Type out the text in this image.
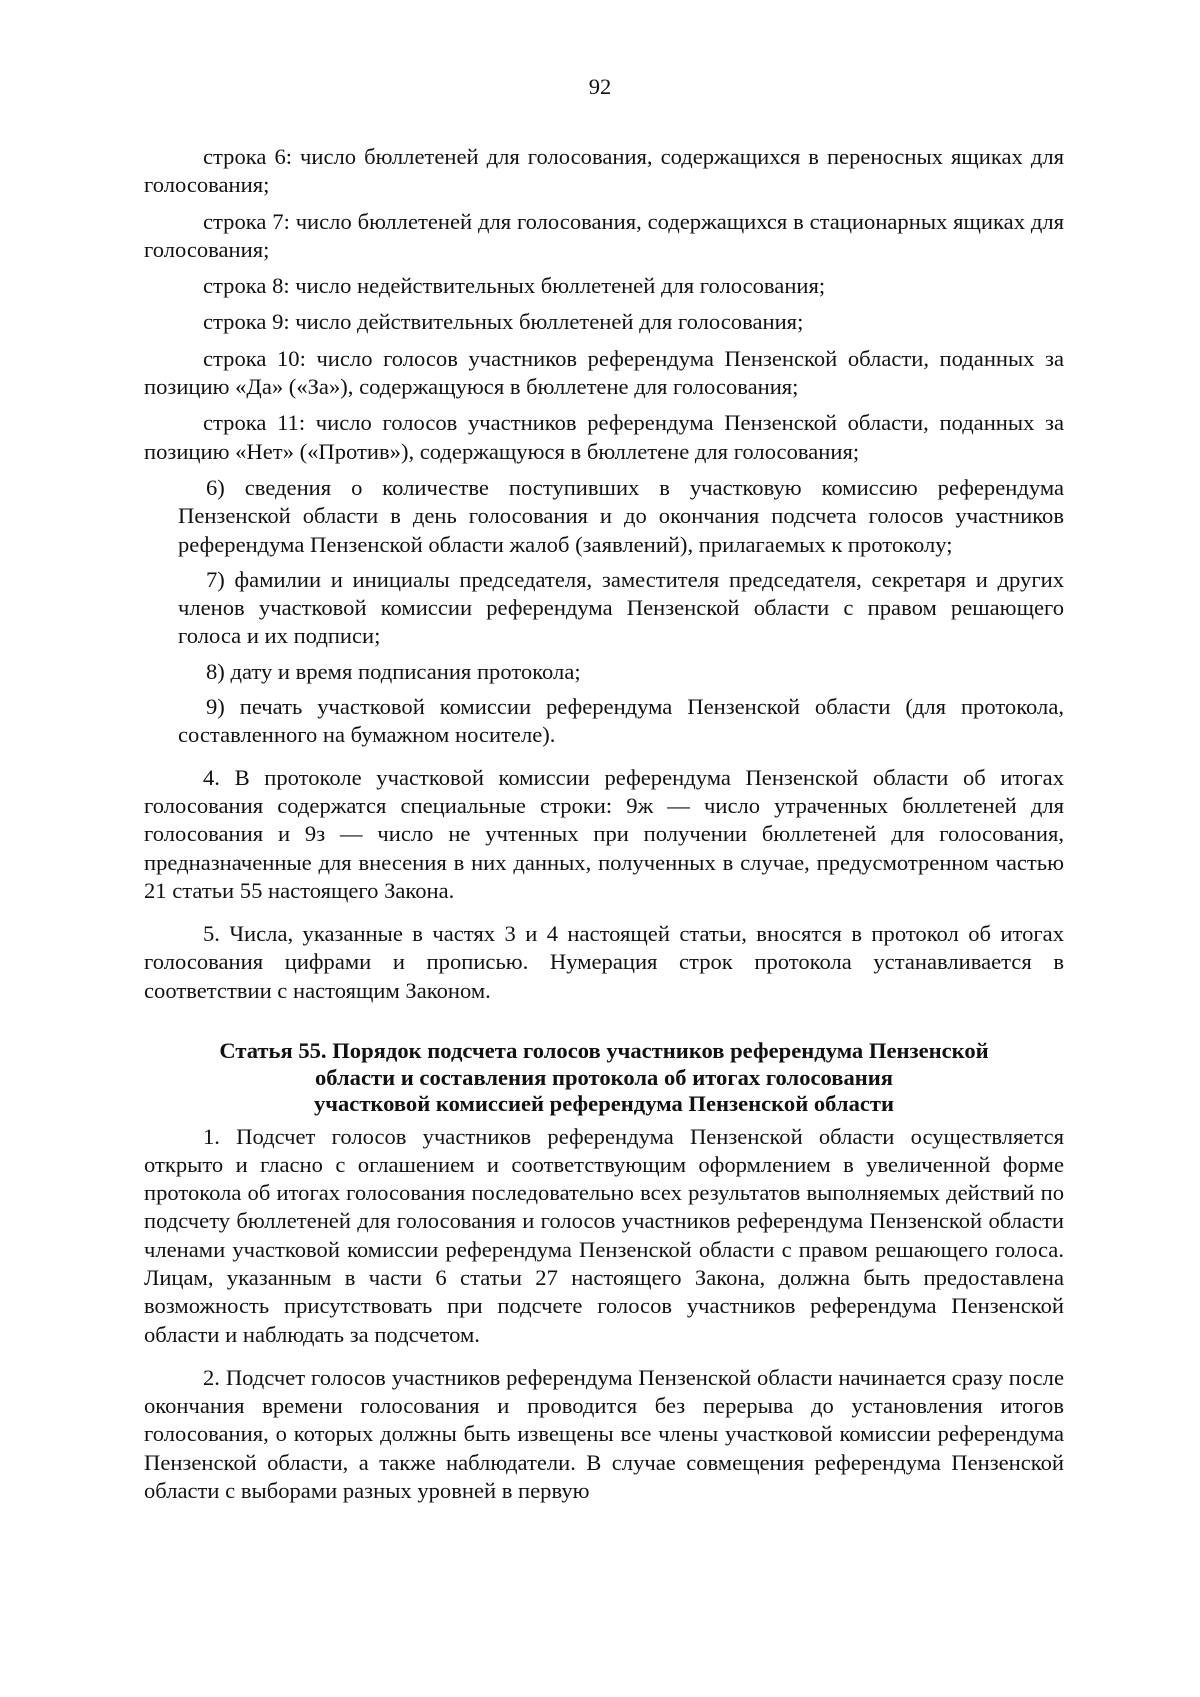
92

строка 6: число бюллетеней для голосования, содержащихся в переносных ящиках для голосования;

строка 7: число бюллетеней для голосования, содержащихся в стационарных ящиках для голосования;

строка 8: число недействительных бюллетеней для голосования;

строка 9: число действительных бюллетеней для голосования;

строка 10: число голосов участников референдума Пензенской области, поданных за позицию «Да» («За»), содержащуюся в бюллетене для голосования;

строка 11: число голосов участников референдума Пензенской области, поданных за позицию «Нет» («Против»), содержащуюся в бюллетене для голосования;

6) сведения о количестве поступивших в участковую комиссию референдума Пензенской области в день голосования и до окончания подсчета голосов участников референдума Пензенской области жалоб (заявлений), прилагаемых к протоколу;

7) фамилии и инициалы председателя, заместителя председателя, секретаря и других членов участковой комиссии референдума Пензенской области с правом решающего голоса и их подписи;

8) дату и время подписания протокола;

9) печать участковой комиссии референдума Пензенской области (для протокола, составленного на бумажном носителе).

4. В протоколе участковой комиссии референдума Пензенской области об итогах голосования содержатся специальные строки: 9ж — число утраченных бюллетеней для голосования и 9з — число не учтенных при получении бюллетеней для голосования, предназначенные для внесения в них данных, полученных в случае, предусмотренном частью 21 статьи 55 настоящего Закона.

5. Числа, указанные в частях 3 и 4 настоящей статьи, вносятся в протокол об итогах голосования цифрами и прописью. Нумерация строк протокола устанавливается в соответствии с настоящим Законом.

Статья 55. Порядок подсчета голосов участников референдума Пензенской
области и составления протокола об итогах голосования
участковой комиссией референдума Пензенской области

1. Подсчет голосов участников референдума Пензенской области осуществляется открыто и гласно с оглашением и соответствующим оформлением в увеличенной форме протокола об итогах голосования последовательно всех результатов выполняемых действий по подсчету бюллетеней для голосования и голосов участников референдума Пензенской области членами участковой комиссии референдума Пензенской области с правом решающего голоса. Лицам, указанным в части 6 статьи 27 настоящего Закона, должна быть предоставлена возможность присутствовать при подсчете голосов участников референдума Пензенской области и наблюдать за подсчетом.

2. Подсчет голосов участников референдума Пензенской области начинается сразу после окончания времени голосования и проводится без перерыва до установления итогов голосования, о которых должны быть извещены все члены участковой комиссии референдума Пензенской области, а также наблюдатели. В случае совмещения референдума Пензенской области с выборами разных уровней в первую
